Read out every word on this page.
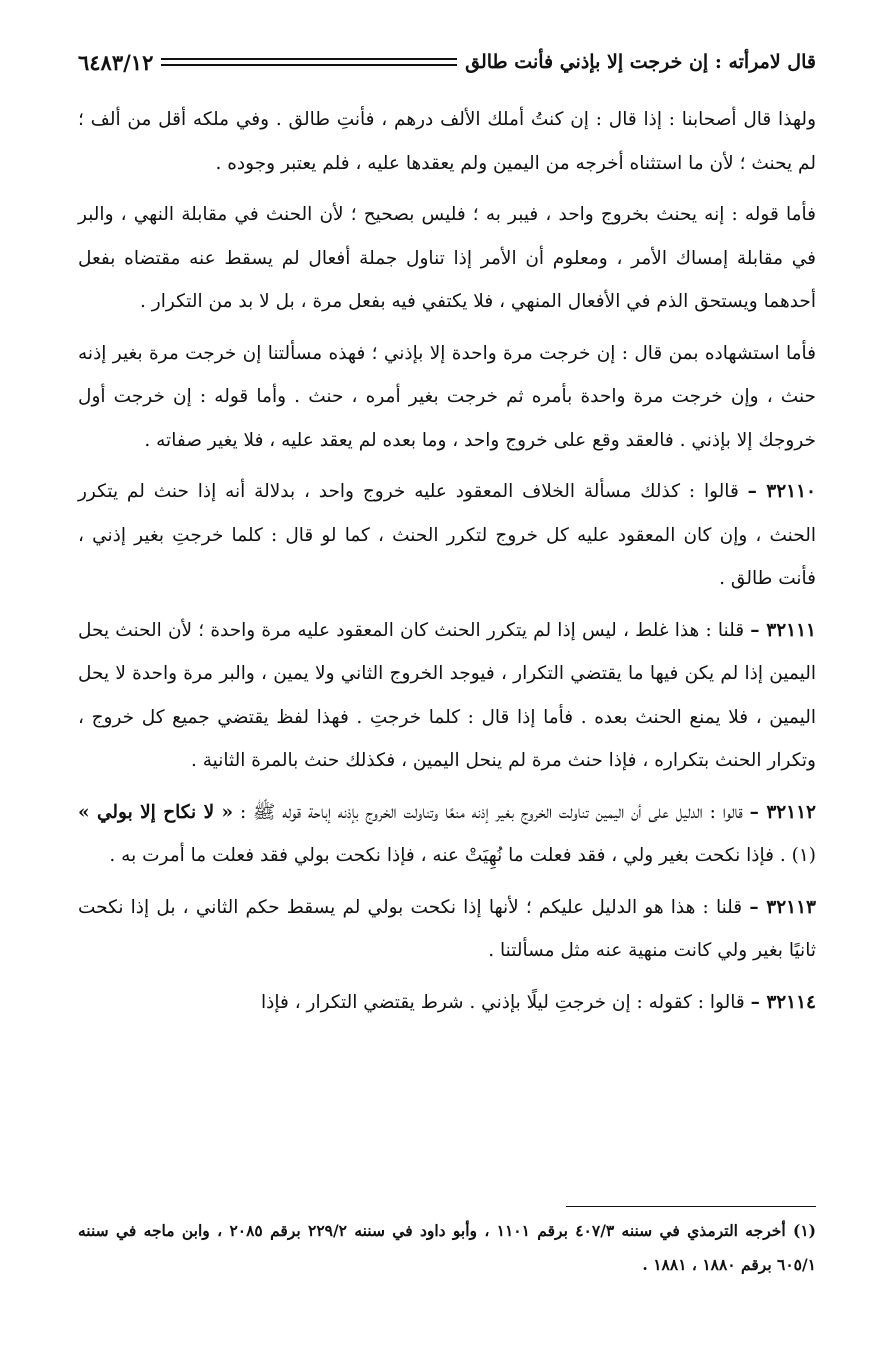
قال لامرأته : إن خرجت إلا بإذني فأنت طالق
٦٤٨٣/١٢

ولهذا قال أصحابنا : إذا قال : إن كنتُ أملك الألف درهم ، فأنتِ طالق . وفي ملكه أقل من ألف ؛ لم يحنث ؛ لأن ما استثناه أخرجه من اليمين ولم يعقدها عليه ، فلم يعتبر وجوده .

فأما قوله : إنه يحنث بخروج واحد ، فيبر به ؛ فليس بصحيح ؛ لأن الحنث في مقابلة النهي ، والبر في مقابلة إمساك الأمر ، ومعلوم أن الأمر إذا تناول جملة أفعال لم يسقط عنه مقتضاه بفعل أحدهما ويستحق الذم في الأفعال المنهي ، فلا يكتفي فيه بفعل مرة ، بل لا بد من التكرار .

فأما استشهاده بمن قال : إن خرجت مرة واحدة إلا بإذني ؛ فهذه مسألتنا إن خرجت مرة بغير إذنه حنث ، وإن خرجت مرة واحدة بأمره ثم خرجت بغير أمره ، حنث . وأما قوله : إن خرجت أول خروجك إلا بإذني . فالعقد وقع على خروج واحد ، وما بعده لم يعقد عليه ، فلا يغير صفاته .

٣٢١١٠ – قالوا : كذلك مسألة الخلاف المعقود عليه خروج واحد ، بدلالة أنه إذا حنث لم يتكرر الحنث ، وإن كان المعقود عليه كل خروج لتكرر الحنث ، كما لو قال : كلما خرجتِ بغير إذني ، فأنت طالق .

٣٢١١١ – قلنا : هذا غلط ، ليس إذا لم يتكرر الحنث كان المعقود عليه مرة واحدة ؛ لأن الحنث يحل اليمين إذا لم يكن فيها ما يقتضي التكرار ، فيوجد الخروج الثاني ولا يمين ، والبر مرة واحدة لا يحل اليمين ، فلا يمنع الحنث بعده . فأما إذا قال : كلما خرجتِ . فهذا لفظ يقتضي جميع كل خروج ، وتكرار الحنث بتكراره ، فإذا حنث مرة لم ينحل اليمين ، فكذلك حنث بالمرة الثانية .

٣٢١١٢ – قالوا : الدليل على أن اليمين تناولت الخروج بغير إذنه منعًا وتناولت الخروج بإذنه إباحة قوله ﷺ : « لا نكاح إلا بولي » (١) . فإذا نكحت بغير ولي ، فقد فعلت ما نُهِيَتْ عنه ، فإذا نكحت بولي فقد فعلت ما أمرت به .

٣٢١١٣ – قلنا : هذا هو الدليل عليكم ؛ لأنها إذا نكحت بولي لم يسقط حكم الثاني ، بل إذا نكحت ثانيًا بغير ولي كانت منهية عنه مثل مسألتنا .

٣٢١١٤ – قالوا : كقوله : إن خرجتِ ليلًا بإذني . شرط يقتضي التكرار ، فإذا

(١) أخرجه الترمذي في سننه ٤٠٧/٣ برقم ١١٠١ ، وأبو داود في سننه ٢٢٩/٢ برقم ٢٠٨٥ ، وابن ماجه في سننه ٦٠٥/١ برقم ١٨٨٠ ، ١٨٨١ .
